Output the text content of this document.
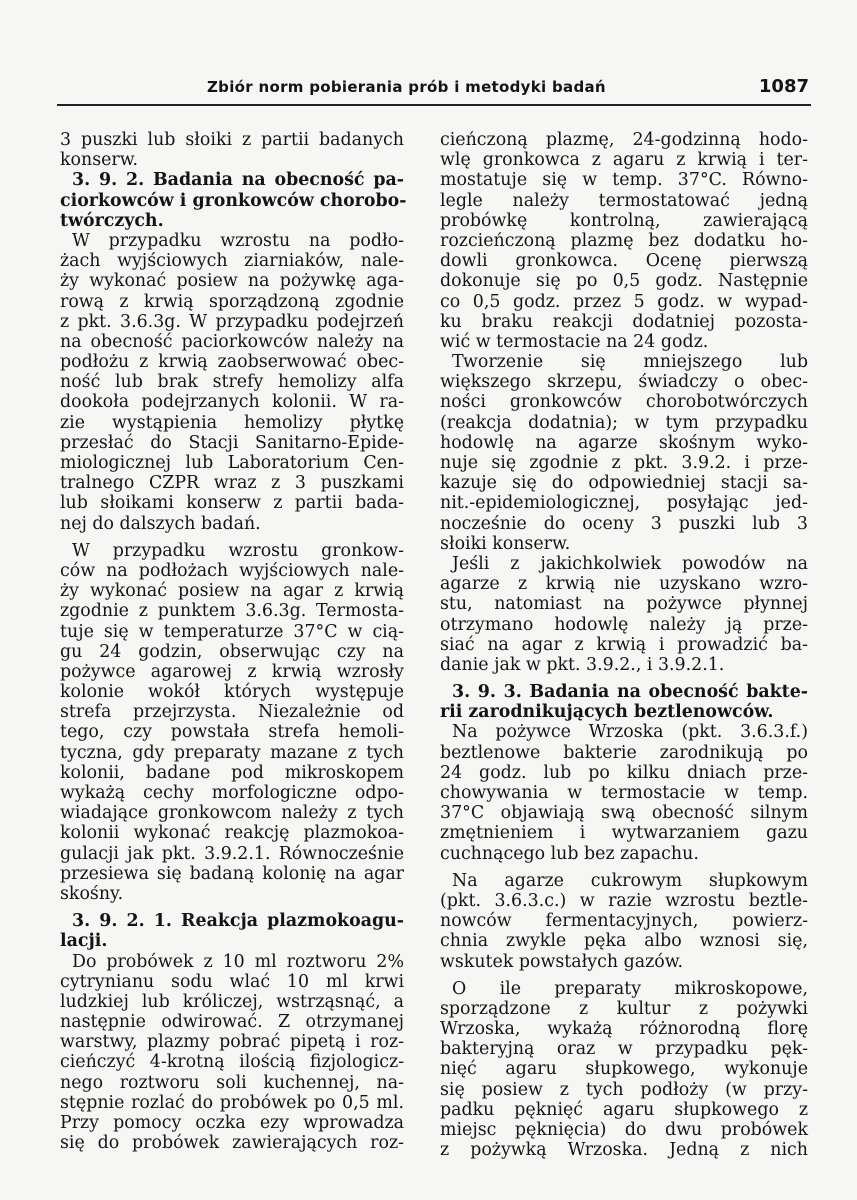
Zbiór norm pobierania prób i metodyki badań	1087
3 puszki lub słoiki z partii badanych
konserw.
3. 9. 2. Badania na obecność pa-
ciorkowców i gronkowców chorobo-
twórczych.
W przypadku wzrostu na podło-
żach wyjściowych ziarniaków, nale-
ży wykonać posiew na pożywkę aga-
rową z krwią sporządzoną zgodnie
z pkt. 3.6.3g. W przypadku podejrzeń
na obecność paciorkowców należy na
podłożu z krwią zaobserwować obec-
ność lub brak strefy hemolizy alfa
dookoła podejrzanych kolonii. W ra-
zie wystąpienia hemolizy płytkę
przesłać do Stacji Sanitarno-Epide-
miologicznej lub Laboratorium Cen-
tralnego CZPR wraz z 3 puszkami
lub słoikami konserw z partii bada-
nej do dalszych badań.
W przypadku wzrostu gronkow-
ców na podłożach wyjściowych nale-
ży wykonać posiew na agar z krwią
zgodnie z punktem 3.6.3g. Termosta-
tuje się w temperaturze 37°C w cią-
gu 24 godzin, obserwując czy na
pożywce agarowej z krwią wzrosły
kolonie wokół których występuje
strefa przejrzysta. Niezależnie od
tego, czy powstała strefa hemoli-
tyczna, gdy preparaty mazane z tych
kolonii, badane pod mikroskopem
wykażą cechy morfologiczne odpo-
wiadające gronkowcom należy z tych
kolonii wykonać reakcję plazmokoa-
gulacji jak pkt. 3.9.2.1. Równocześnie
przesiewa się badaną kolonię na agar
skośny.
3. 9. 2. 1. Reakcja plazmokoagu-
lacji.
Do probówek z 10 ml roztworu 2%
cytrynianu sodu wlać 10 ml krwi
ludzkiej lub króliczej, wstrząsnąć, a
następnie odwirować. Z otrzymanej
warstwy, plazmy pobrać pipetą i roz-
cieńczyć 4-krotną ilością fizjologicz-
nego roztworu soli kuchennej, na-
stępnie rozlać do probówek po 0,5 ml.
Przy pomocy oczka ezy wprowadza
się do probówek zawierających roz-
cieńczoną plazmę, 24-godzinną hodo-
wlę gronkowca z agaru z krwią i ter-
mostatuje się w temp. 37°C. Równo-
legle należy termostatować jedną
probówkę kontrolną, zawierającą
rozcieńczoną plazmę bez dodatku ho-
dowli gronkowca. Ocenę pierwszą
dokonuje się po 0,5 godz. Następnie
co 0,5 godz. przez 5 godz. w wypad-
ku braku reakcji dodatniej pozosta-
wić w termostacie na 24 godz.
Tworzenie się mniejszego lub
większego skrzepu, świadczy o obec-
ności gronkowców chorobotwórczych
(reakcja dodatnia); w tym przypadku
hodowlę na agarze skośnym wyko-
nuje się zgodnie z pkt. 3.9.2. i prze-
kazuje się do odpowiedniej stacji sa-
nit.-epidemiologicznej, posyłając jed-
nocześnie do oceny 3 puszki lub 3
słoiki konserw.
Jeśli z jakichkolwiek powodów na
agarze z krwią nie uzyskano wzro-
stu, natomiast na pożywce płynnej
otrzymano hodowlę należy ją prze-
siać na agar z krwią i prowadzić ba-
danie jak w pkt. 3.9.2., i 3.9.2.1.
3. 9. 3. Badania na obecność bakte-
rii zarodnikujących beztlenowców.
Na pożywce Wrzoska (pkt. 3.6.3.f.)
beztlenowe bakterie zarodnikują po
24 godz. lub po kilku dniach prze-
chowywania w termostacie w temp.
37°C objawiają swą obecność silnym
zmętnieniem i wytwarzaniem gazu
cuchnącego lub bez zapachu.
Na agarze cukrowym słupkowym
(pkt. 3.6.3.c.) w razie wzrostu beztle-
nowców fermentacyjnych, powierz-
chnia zwykle pęka albo wznosi się,
wskutek powstałych gazów.
O ile preparaty mikroskopowe,
sporządzone z kultur z pożywki
Wrzoska, wykażą różnorodną florę
bakteryjną oraz w przypadku pęk-
nięć agaru słupkowego, wykonuje
się posiew z tych podłoży (w przy-
padku pęknięć agaru słupkowego z
miejsc pęknięcia) do dwu probówek
z pożywką Wrzoska. Jedną z nich
